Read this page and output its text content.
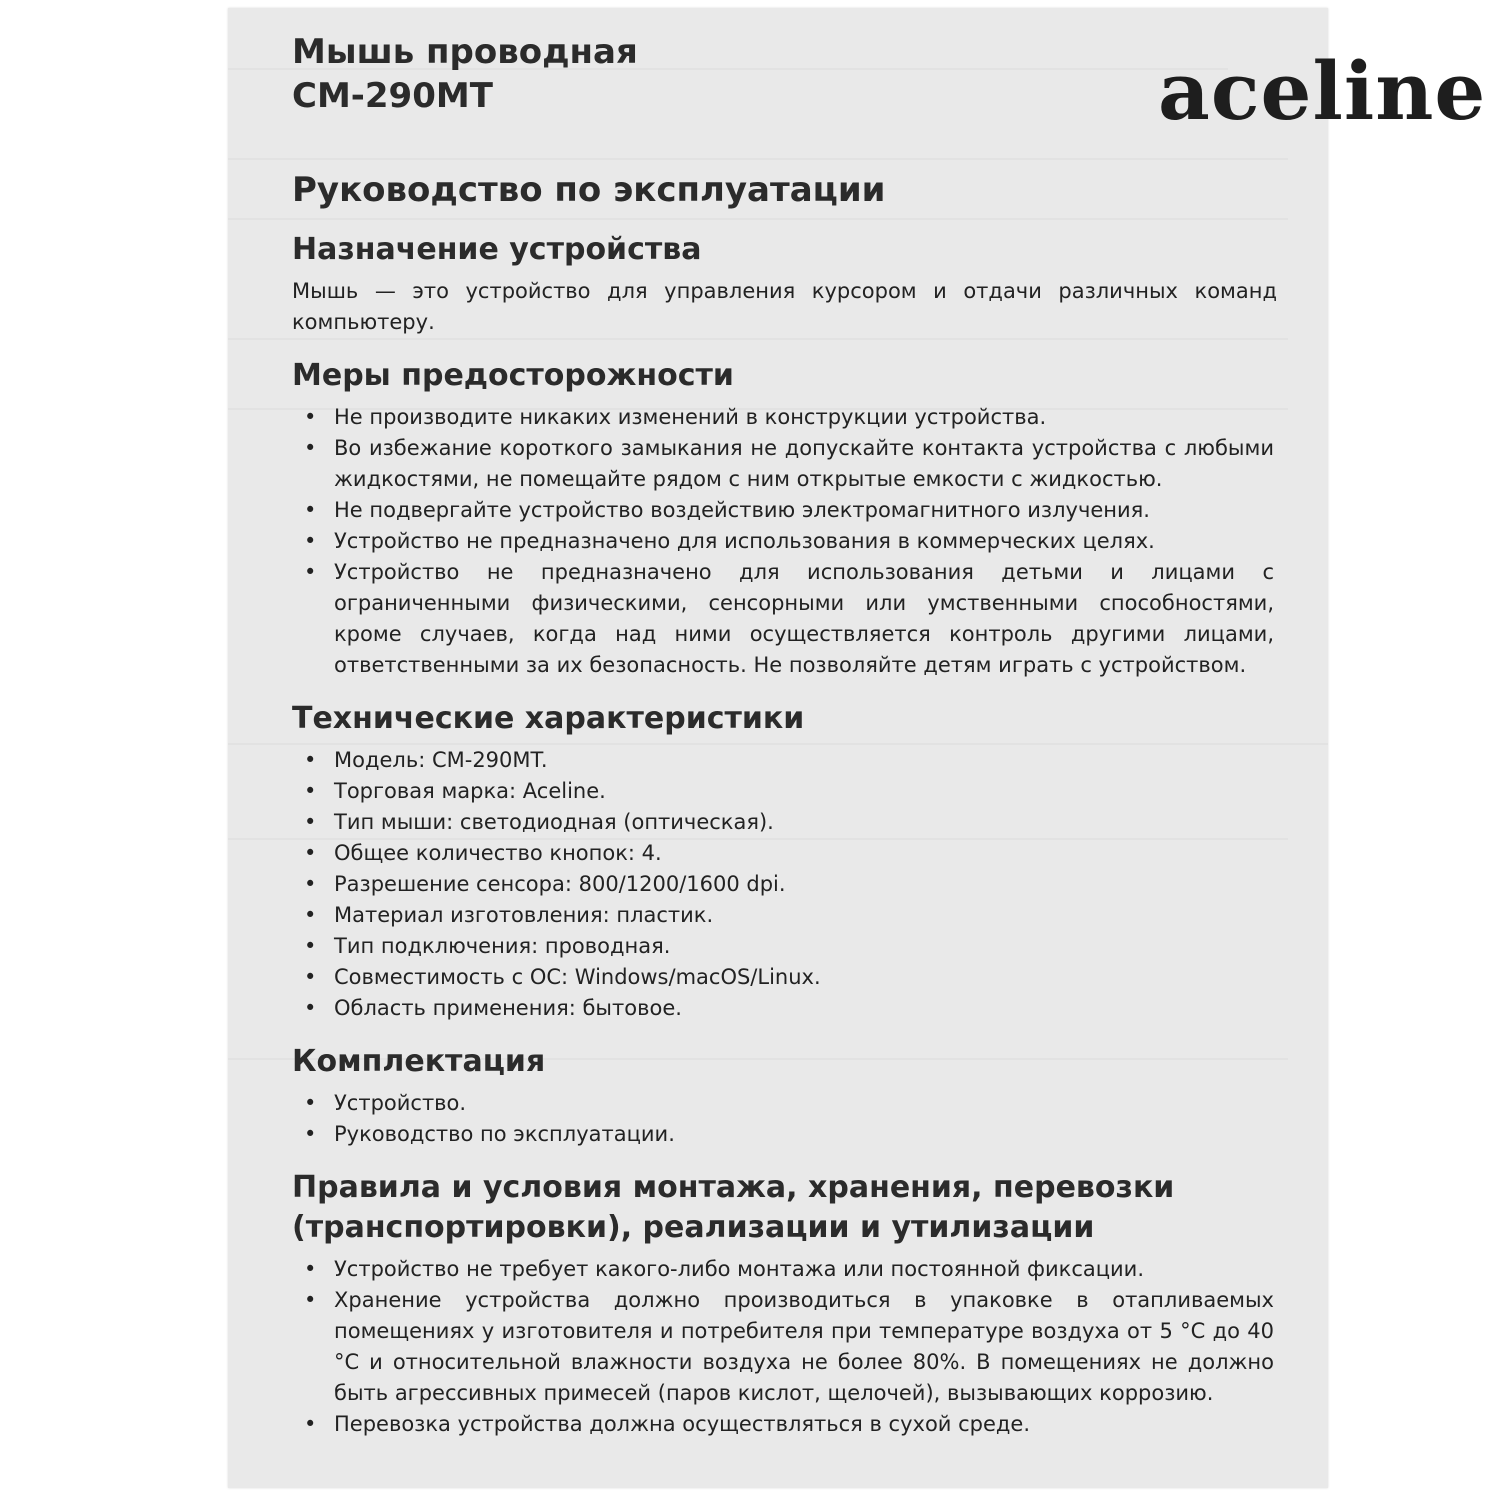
aceline
Мышь проводная
CM-290MT
Руководство по эксплуатации
Назначение устройства

Мышь — это устройство для управления курсором и отдачи различных команд компьютеру.

Меры предосторожности
• Не производите никаких изменений в конструкции устройства.
• Во избежание короткого замыкания не допускайте контакта устройства с любыми жидкостями, не помещайте рядом с ним открытые емкости с жидкостью.
• Не подвергайте устройство воздействию электромагнитного излучения.
• Устройство не предназначено для использования в коммерческих целях.
• Устройство не предназначено для использования детьми и лицами с ограниченными физическими, сенсорными или умственными способностями, кроме случаев, когда над ними осуществляется контроль другими лицами, ответственными за их безопасность. Не позволяйте детям играть с устройством.
Технические характеристики
• Модель: CM-290MT.
• Торговая марка: Aceline.
• Тип мыши: светодиодная (оптическая).
• Общее количество кнопок: 4.
• Разрешение сенсора: 800/1200/1600 dpi.
• Материал изготовления: пластик.
• Тип подключения: проводная.
• Совместимость с ОС: Windows/macOS/Linux.
• Область применения: бытовое.
Комплектация
• Устройство.
• Руководство по эксплуатации.
Правила и условия монтажа, хранения, перевозки (транспортировки), реализации и утилизации
• Устройство не требует какого-либо монтажа или постоянной фиксации.
• Хранение устройства должно производиться в упаковке в отапливаемых помещениях у изготовителя и потребителя при температуре воздуха от 5 °С до 40 °С и относительной влажности воздуха не более 80%. В помещениях не должно быть агрессивных примесей (паров кислот, щелочей), вызывающих коррозию.
• Перевозка устройства должна осуществляться в сухой среде.
